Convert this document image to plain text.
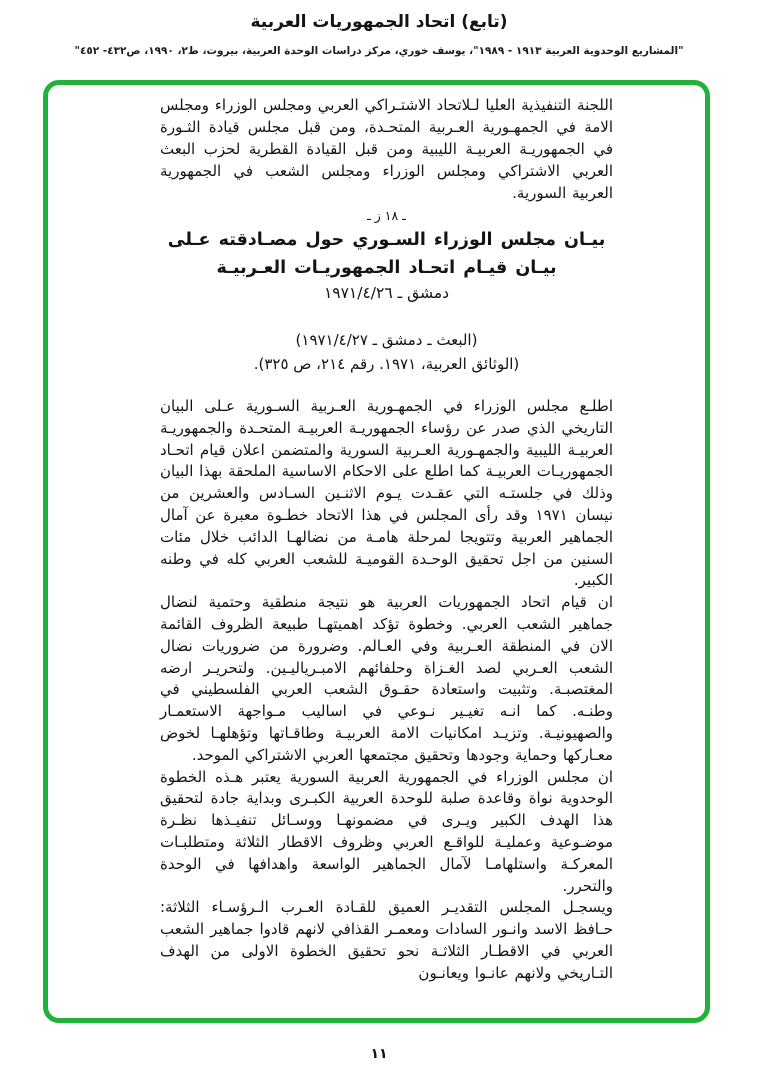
(تابع) اتحاد الجمهوريات العربية
"المشاريع الوحدوية العربية ١٩١٣ - ١٩٨٩"، يوسف خوري، مركز دراسات الوحدة العربية، بيروت، ط٢، ١٩٩٠، ص٤٣٢- ٤٥٢"

اللجنة التنفيذية العليا لـلاتحاد الاشتـراكي العربي ومجلس الوزراء ومجلس الامة في الجمهـورية العـربية المتحـدة، ومن قبل مجلس قيادة الثـورة في الجمهوريـة العربيـة الليبية ومن قبل القيادة القطرية لحزب البعث العربي الاشتراكي ومجلس الوزراء ومجلس الشعب في الجمهورية العربية السورية.

ـ ١٨ ز ـ
بيـان مجلس الوزراء السـوري حول مصـادقته عـلى
بيـان قيـام اتحـاد الجمهوريـات العـربيـة
دمشق ـ ١٩٧١/٤/٢٦

(البعث ـ دمشق ـ ١٩٧١/٤/٢٧)

(الوثائق العربية، ١٩٧١. رقم ٢١٤، ص ٣٢٥).

اطلـع مجلس الوزراء في الجمهـورية العـربية السـورية عـلى البيان التاريخي الذي صدر عن رؤساء الجمهوريـة العربيـة المتحـدة والجمهوريـة العربيـة الليبية والجمهـورية العـربية السورية والمتضمن اعلان قيام اتحـاد الجمهوريـات العربيـة كما اطلع على الاحكام الاساسية الملحقة بهذا البيان وذلك في جلستـه التي عقـدت يـوم الاثنـين السـادس والعشرين من نيسان ١٩٧١ وقد رأى المجلس في هذا الاتحاد خطـوة معبرة عن آمال الجماهير العربية وتتويجا لمرحلة هامـة من نضالهـا الدائب خلال مئات السنين من اجل تحقيق الوحـدة القوميـة للشعب العربي كله في وطنه الكبير.

ان قيام اتحاد الجمهوريات العربية هو نتيجة منطقية وحتمية لنضال جماهير الشعب العربي. وخطوة تؤكد اهميتهـا طبيعة الظروف القائمة الان في المنطقة العـربية وفي العـالم. وضرورة من ضروريات نضال الشعب العـربي لصد الغـزاة وحلفائهم الامبـرياليـين. ولتحريـر ارضه المغتصبـة. وتثبيت واستعادة حقـوق الشعب العربي الفلسطيني في وطنـه. كما انـه تغيـير نـوعي في اساليب مـواجهة الاستعمـار والصهيونيـة. وتزيـد امكانيات الامة العربيـة وطاقـاتها وتؤهلهـا لخوض معـاركها وحماية وجودها وتحقيق مجتمعها العربي الاشتراكي الموحد.

ان مجلس الوزراء في الجمهورية العربية السورية يعتبر هـذه الخطوة الوحدوية نواة وقاعدة صلبة للوحدة العربية الكبـرى وبداية جادة لتحقيق هذا الهدف الكبير ويـرى في مضمونهـا ووسـائل تنفيـذها نظـرة موضـوعية وعمليـة للواقـع العربي وظروف الاقطار الثلاثة ومتطلبـات المعركـة واستلهامـا لآمال الجماهير الواسعة واهدافها في الوحدة والتحرر.

ويسجـل المجلس التقديـر العميق للقـادة العـرب الـرؤسـاء الثلاثة: حـافظ الاسد وانـور السادات ومعمـر القذافي لانهم قادوا جماهير الشعب العربي في الاقطـار الثلاثـة نحو تحقيق الخطوة الاولى من الهدف التـاريخي ولانهم عانـوا ويعانـون

١١
